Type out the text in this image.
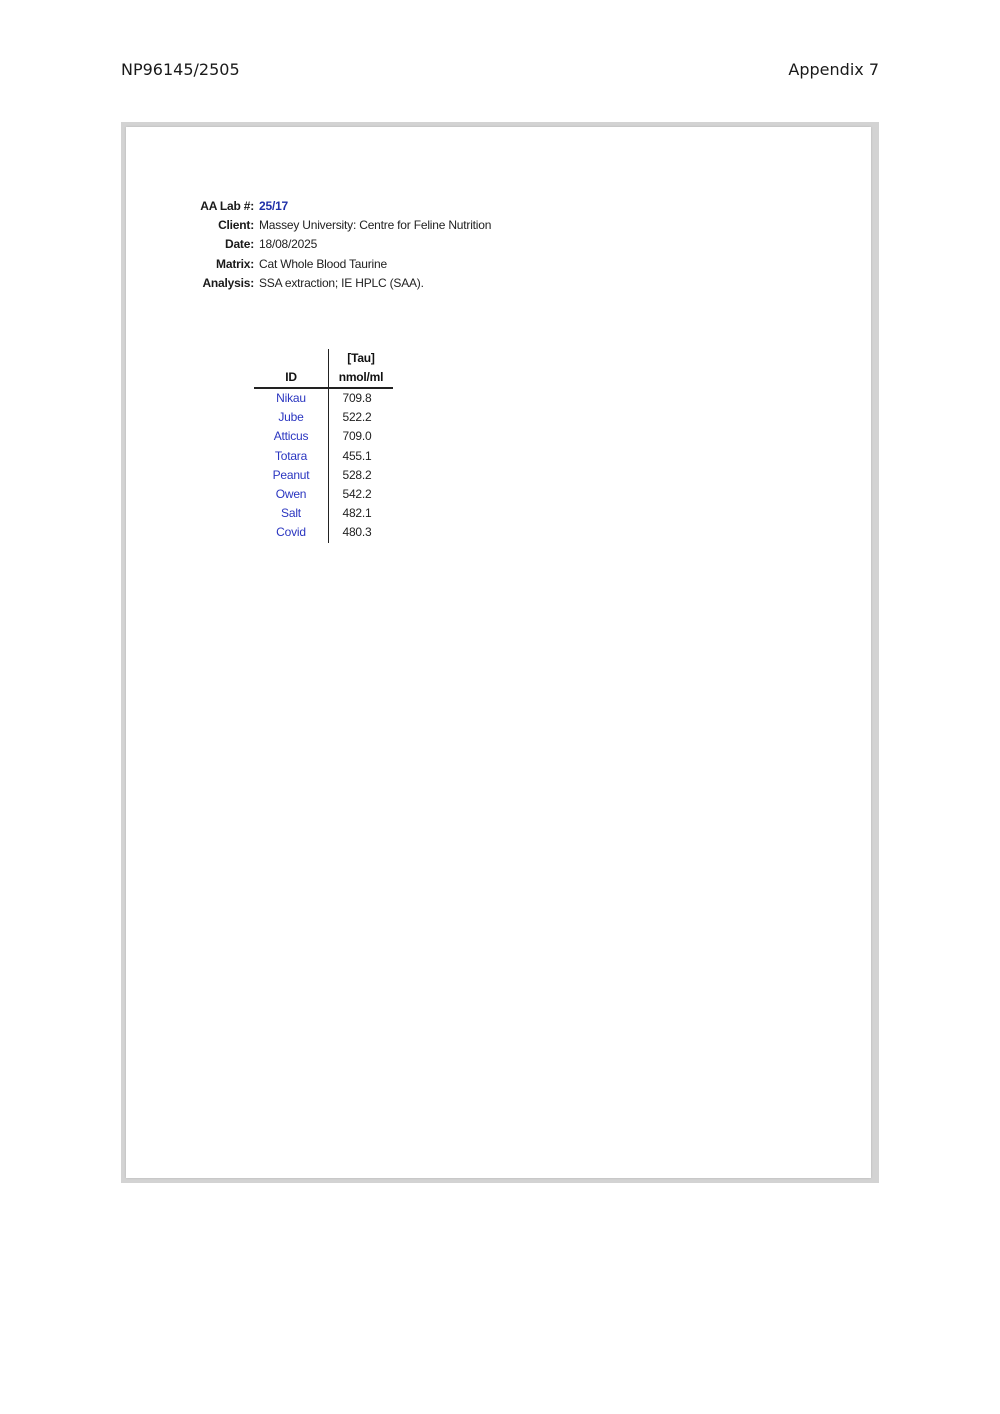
NP96145/2505	Appendix 7
AA Lab #: 25/17
Client: Massey University: Centre for Feline Nutrition
Date: 18/08/2025
Matrix: Cat Whole Blood Taurine
Analysis: SSA extraction; IE HPLC (SAA).
ID
Nikau
Jube
Atticus
Totara
Peanut
Owen
Salt
Covid
[Tau]
nmol/ml
709.8
522.2
709.0
455.1
528.2
542.2
482.1
480.3
